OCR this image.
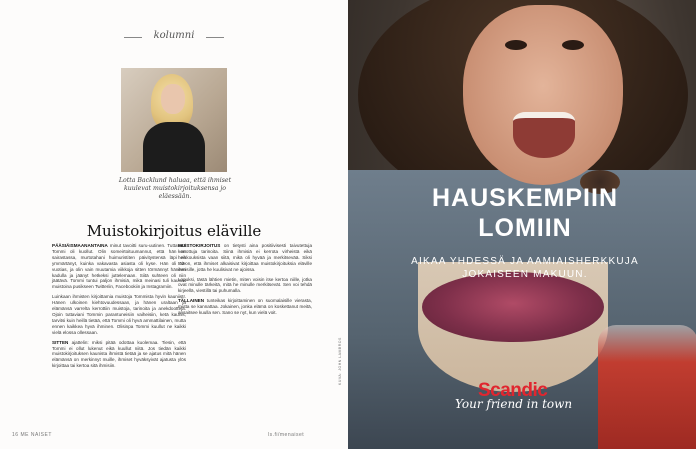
kolumni
Lotta Backlund haluaa, että ihmiset kuulevat muistokirjoituksensa jo eläessään.
Muistokirjoitus eläville

PÄÄSIÄISMAANANTAINA minut tavoitti suru-uutinen. Tuttavani Tommi oli kuollut. Olin someirtoituumannut, että hän on sairastassa, murtotahani huimuristiten päivitystensä läpi en ymmärtänyt, kuinka vakavasta asiasta oli kyse. Hän oli 52-vuotias, ja olin vain muutamia viikkoja sitten törmännyt häneen kadulla ja jäänyt hetkeksi juttelemaan. Siitä suhteen oli niin jäätävä. Tommi tuntui paljon ihmisiä, mikä meinasi tuli kaunas muistoina pusikseen Twitteriin, Facebookiin ja Instagramiin.

Luinkaan ihmisten kirjoittamia muistoja Tommista hyvin kauniistr. Hänen ulkoinen kiehtovuudessaan, ja hänen uraltaan ja elämänsä varrelta kerrottiin muistoja, tarinoita ja anekdootteja. Ojoin tuttaviani Tommin parantuneisiin vaiheisiin, ketä kaunis, tarvitsi kuin heillä tietää, että Tommi oli hyvä ammattilainen, mutta ennen kaikkea hyvä ihminen. Olisinpa Tommi kuullut ne kaikki vielä elossa ollessaan.

SITTEN ajattelin: miksi pitää odottaa kuolemaa. Tiesin, että Tommi ei ollut lukenut eikä kuullut niitä. Jos tiedän kaikki muistokirjoituksen kaunista ihmistä tietää ja se ajatus mitä hänen elämänsä on merkinnyt muille, ihmiset hyväksyivät ajatusta ylös kirjoittaa tai kertoa sitä ihmisiin.

MUISTOKIRJOITUS on tietysti aina positiivisesti taivutettuja kerrottuja tarinoita. Siinä ihmisiä ei kerrota virheistä eikä heikkouksista vaan siitä, mikä oli hyvää ja merkitsevää. Siksi toivon, että ihmiset alkaisivat kirjoittaa muistokirjoituksia eläville ihmisille, jotta he kuulisivat ne ajoissa.

Lopuksi, tästä lähtien mietin, miten voisin itse kertoa niille, jotka ovat minulle tärkeitä, mitä he minulle merkitsevät. Sen voi tehdä kirjeellä, viestillä tai puhumalla.

TÄLLAINEN tunteikas kirjoittaminen on suomalaisille vierasta, mutta se kannattaa. Jokainen, jonka elämä on koskettanut meitä, ansaitsee kuulla sen. Sano se nyt, kun vielä voit.

16 ME NAISET	ls.fi/menaiset
KUVA: JOHN LAMBROS
HAUSKEMPIIN
LOMIIN
AIKAA YHDESSÄ JA AAMIAISHERKKUJA
JOKAISEEN MAKUUN.
Scandic
Your friend in town
